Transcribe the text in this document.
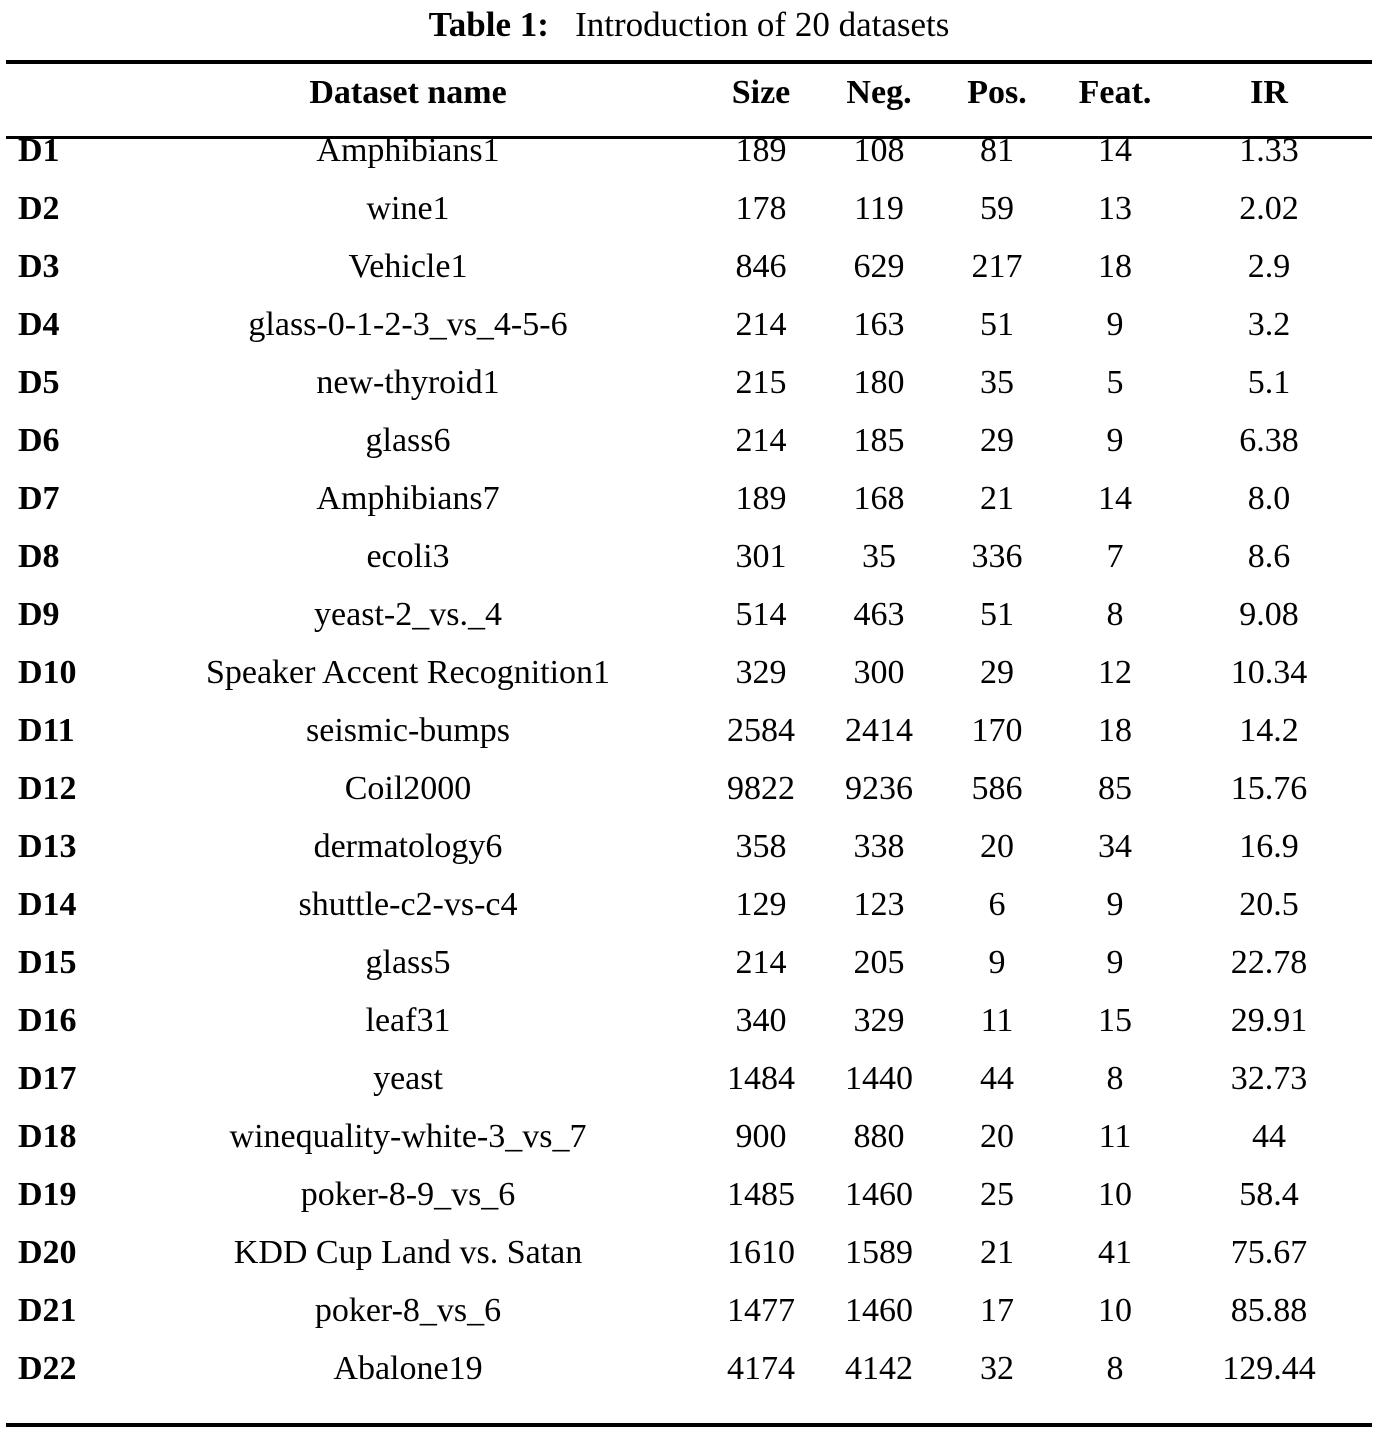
Table 1: Introduction of 20 datasets
	Dataset name	Size	Neg.	Pos.	Feat.	IR
D1	Amphibians1	189	108	81	14	1.33
D2	wine1	178	119	59	13	2.02
D3	Vehicle1	846	629	217	18	2.9
D4	glass-0-1-2-3_vs_4-5-6	214	163	51	9	3.2
D5	new-thyroid1	215	180	35	5	5.1
D6	glass6	214	185	29	9	6.38
D7	Amphibians7	189	168	21	14	8.0
D8	ecoli3	301	35	336	7	8.6
D9	yeast-2_vs._4	514	463	51	8	9.08
D10	Speaker Accent Recognition1	329	300	29	12	10.34
D11	seismic-bumps	2584	2414	170	18	14.2
D12	Coil2000	9822	9236	586	85	15.76
D13	dermatology6	358	338	20	34	16.9
D14	shuttle-c2-vs-c4	129	123	6	9	20.5
D15	glass5	214	205	9	9	22.78
D16	leaf31	340	329	11	15	29.91
D17	yeast	1484	1440	44	8	32.73
D18	winequality-white-3_vs_7	900	880	20	11	44
D19	poker-8-9_vs_6	1485	1460	25	10	58.4
D20	KDD Cup Land vs. Satan	1610	1589	21	41	75.67
D21	poker-8_vs_6	1477	1460	17	10	85.88
D22	Abalone19	4174	4142	32	8	129.44
